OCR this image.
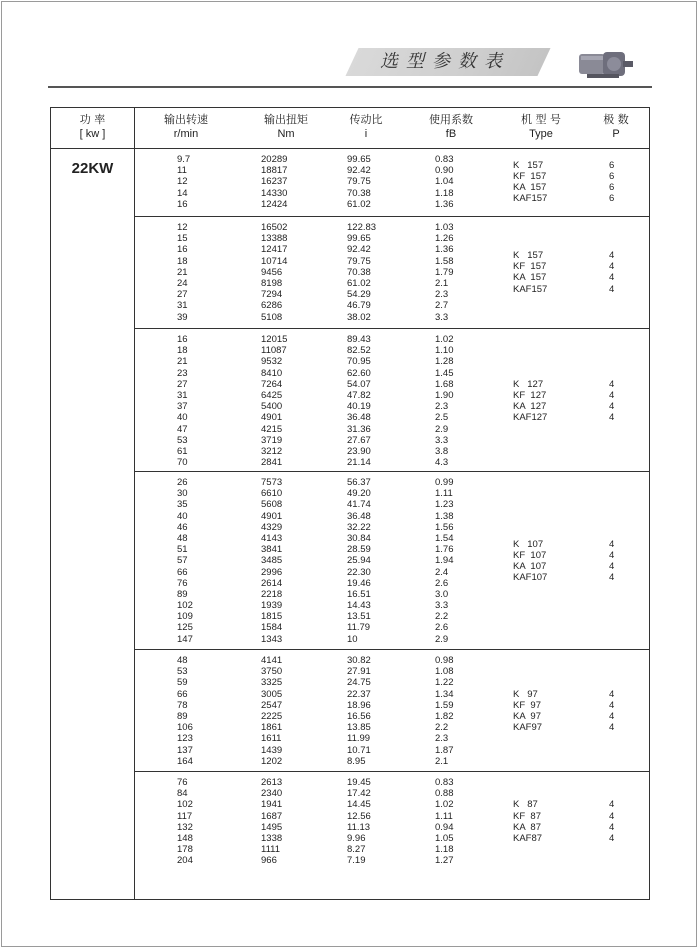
选型参数表
22KW
功 率
[ kw ]
输出转速
r/min
输出扭矩
Nm
传动比
i
使用系数
fB
机 型 号
Type
极 数
P
9.7
11
12
14
16
20289
18817
16237
14330
12424
99.65
92.42
79.75
70.38
61.02
0.83
0.90
1.04
1.18
1.36
K   157
KF  157
KA  157
KAF157
6
6
6
6
12
15
16
18
21
24
27
31
39
16502
13388
12417
10714
9456
8198
7294
6286
5108
122.83
99.65
92.42
79.75
70.38
61.02
54.29
46.79
38.02
1.03
1.26
1.36
1.58
1.79
2.1
2.3
2.7
3.3
K   157
KF  157
KA  157
KAF157
4
4
4
4
16
18
21
23
27
31
37
40
47
53
61
70
12015
11087
9532
8410
7264
6425
5400
4901
4215
3719
3212
2841
89.43
82.52
70.95
62.60
54.07
47.82
40.19
36.48
31.36
27.67
23.90
21.14
1.02
1.10
1.28
1.45
1.68
1.90
2.3
2.5
2.9
3.3
3.8
4.3
K   127
KF  127
KA  127
KAF127
4
4
4
4
26
30
35
40
46
48
51
57
66
76
89
102
109
125
147
7573
6610
5608
4901
4329
4143
3841
3485
2996
2614
2218
1939
1815
1584
1343
56.37
49.20
41.74
36.48
32.22
30.84
28.59
25.94
22.30
19.46
16.51
14.43
13.51
11.79
10
0.99
1.11
1.23
1.38
1.56
1.54
1.76
1.94
2.4
2.6
3.0
3.3
2.2
2.6
2.9
K   107
KF  107
KA  107
KAF107
4
4
4
4
48
53
59
66
78
89
106
123
137
164
4141
3750
3325
3005
2547
2225
1861
1611
1439
1202
30.82
27.91
24.75
22.37
18.96
16.56
13.85
11.99
10.71
8.95
0.98
1.08
1.22
1.34
1.59
1.82
2.2
2.3
1.87
2.1
K   97
KF  97
KA  97
KAF97
4
4
4
4
76
84
102
117
132
148
178
204
2613
2340
1941
1687
1495
1338
1111
966
19.45
17.42
14.45
12.56
11.13
9.96
8.27
7.19
0.83
0.88
1.02
1.11
0.94
1.05
1.18
1.27
K   87
KF  87
KA  87
KAF87
4
4
4
4
